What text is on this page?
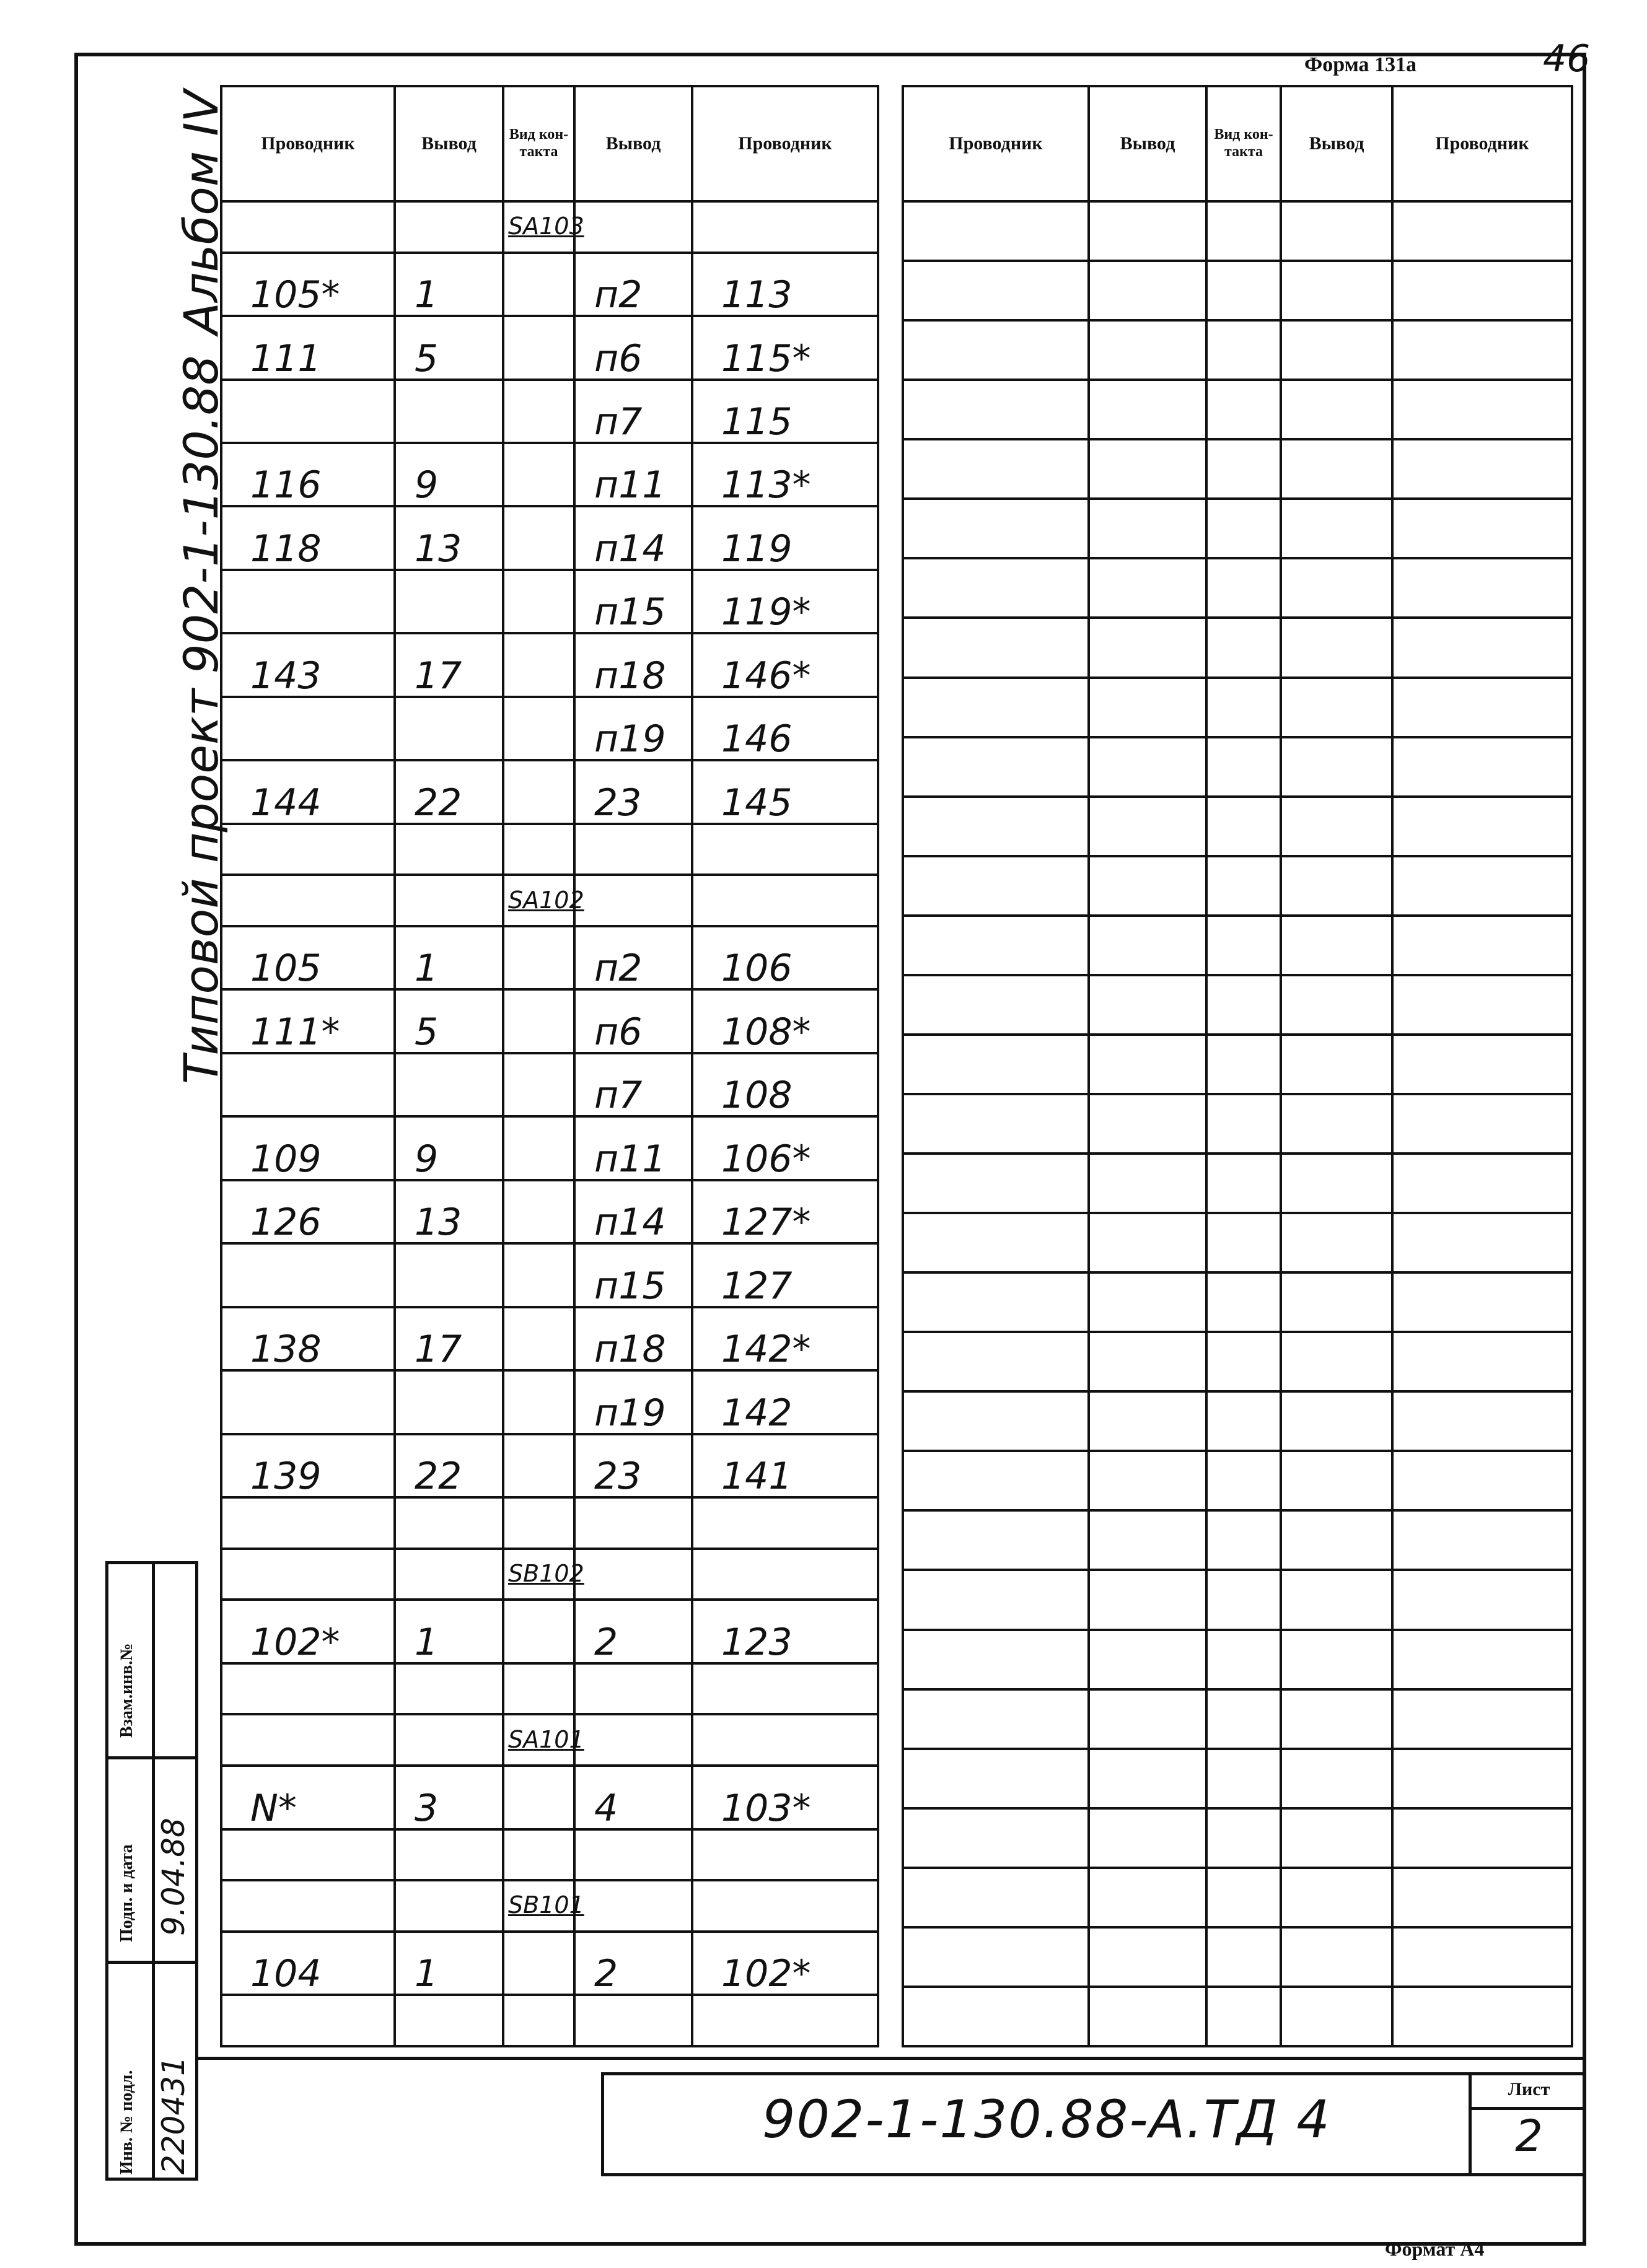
Форма 131а	46
Альбом IV
Типовой проект 902-1-130.88
Проводник	Вывод	Вид кон- такта	Вывод	Проводник
		SA103		
105*	1		п2	113
111	5		п6	115*
			п7	115
116	9		п11	113*
118	13		п14	119
			п15	119*
143	17		п18	146*
			п19	146
144	22		23	145

		SA102		
105	1		п2	106
111*	5		п6	108*
			п7	108
109	9		п11	106*
126	13		п14	127*
			п15	127
138	17		п18	142*
			п19	142
139	22		23	141

		SB102		
102*	1		2	123

		SA101		
N*	3		4	103*

		SB101		
104	1		2	102*

Проводник	Вывод	Вид кон- такта	Вывод	Проводник

Взам.инв.№
Подп. и дата 9.04.88
Инв. № подл. 220431	902-1-130.88-А.ТД 4	Лист
2
Формат А4
